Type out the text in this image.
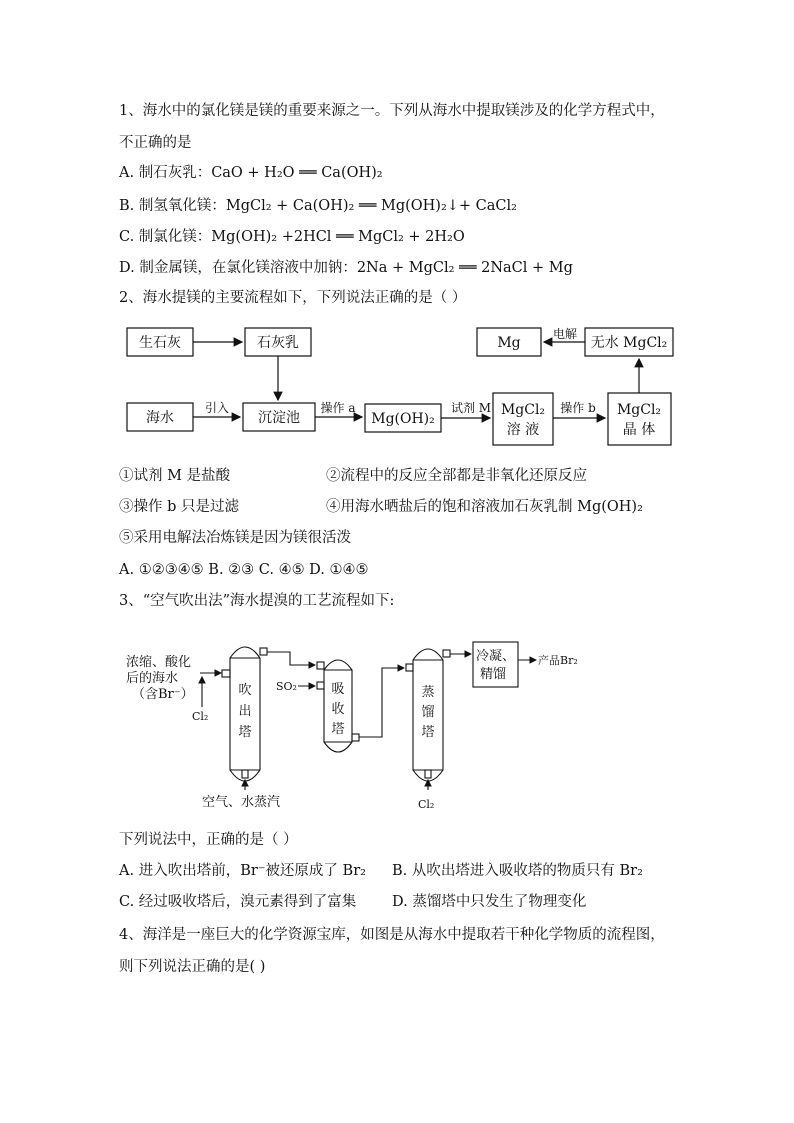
1、海水中的氯化镁是镁的重要来源之一。下列从海水中提取镁涉及的化学方程式中，
不正确的是
A. 制石灰乳：CaO + H₂O ══ Ca(OH)₂
B. 制氢氧化镁：MgCl₂ + Ca(OH)₂ ══ Mg(OH)₂↓+ CaCl₂
C. 制氯化镁：Mg(OH)₂ +2HCl ══ MgCl₂ + 2H₂O
D. 制金属镁，在氯化镁溶液中加钠：2Na + MgCl₂ ══ 2NaCl + Mg
2、海水提镁的主要流程如下，下列说法正确的是（ ）
生石灰	石灰乳
海水	沉淀池	Mg(OH)₂
MgCl₂
溶 液
MgCl₂
晶 体
Mg	无水 MgCl₂
引入	操作 a	试剂 M	操作 b
电解
①试剂 M 是盐酸	②流程中的反应全部都是非氧化还原反应
③操作 b 只是过滤	④用海水晒盐后的饱和溶液加石灰乳制 Mg(OH)₂
⑤采用电解法冶炼镁是因为镁很活泼
A. ①②③④⑤ B. ②③ C. ④⑤ D. ①④⑤
3、“空气吹出法”海水提溴的工艺流程如下:
浓缩、酸化
后的海水
（含Br⁻）
Cl₂
吹
出
塔
空气、水蒸汽
SO₂	吸
收
塔
蒸
馏
塔
Cl₂
冷凝、
精馏
产品Br₂
下列说法中，正确的是（ ）
A. 进入吹出塔前，Br⁻被还原成了 Br₂ B. 从吹出塔进入吸收塔的物质只有 Br₂
C. 经过吸收塔后，溴元素得到了富集 D. 蒸馏塔中只发生了物理变化
4、海洋是一座巨大的化学资源宝库，如图是从海水中提取若干种化学物质的流程图，
则下列说法正确的是( )
